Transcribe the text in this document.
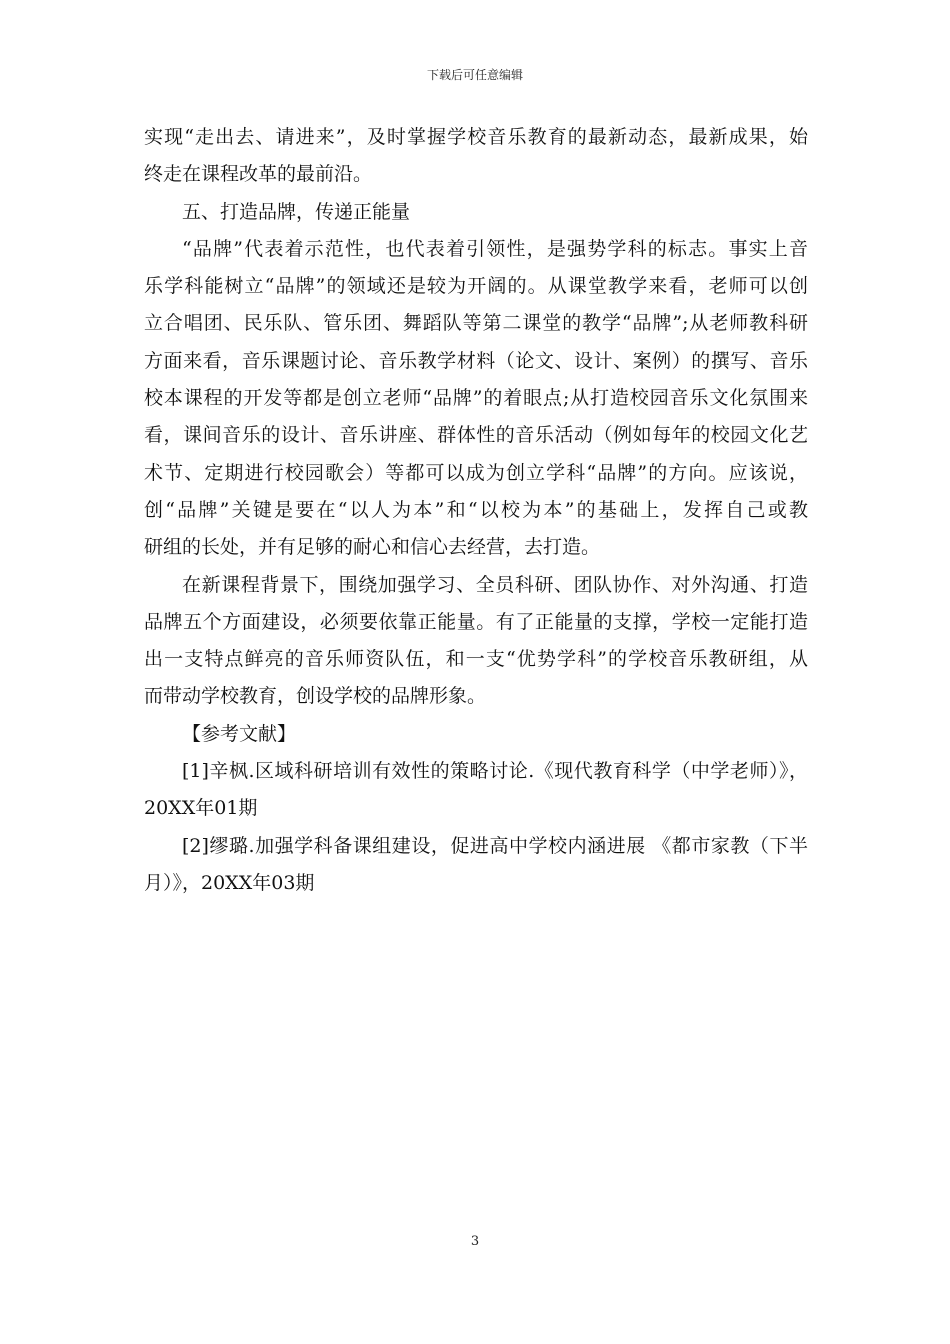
下载后可任意编辑
实现“走出去、请进来”，及时掌握学校音乐教育的最新动态，最新成果，始
终走在课程改革的最前沿。
五、打造品牌，传递正能量
“品牌”代表着示范性，也代表着引领性，是强势学科的标志。事实上音
乐学科能树立“品牌”的领域还是较为开阔的。从课堂教学来看，老师可以创
立合唱团、民乐队、管乐团、舞蹈队等第二课堂的教学“品牌”;从老师教科研
方面来看，音乐课题讨论、音乐教学材料（论文、设计、案例）的撰写、音乐
校本课程的开发等都是创立老师“品牌”的着眼点;从打造校园音乐文化氛围来
看，课间音乐的设计、音乐讲座、群体性的音乐活动（例如每年的校园文化艺
术节、定期进行校园歌会）等都可以成为创立学科“品牌”的方向。应该说，
创“品牌”关键是要在“以人为本”和“以校为本”的基础上，发挥自己或教
研组的长处，并有足够的耐心和信心去经营，去打造。
在新课程背景下，围绕加强学习、全员科研、团队协作、对外沟通、打造
品牌五个方面建设，必须要依靠正能量。有了正能量的支撑，学校一定能打造
出一支特点鲜亮的音乐师资队伍，和一支“优势学科”的学校音乐教研组，从
而带动学校教育，创设学校的品牌形象。
【参考文献】
[1]辛枫.区域科研培训有效性的策略讨论.《现代教育科学（中学老师）》，
20XX年01期
[2]缪璐.加强学科备课组建设，促进高中学校内涵进展 《都市家教（下半
月）》，20XX年03期
3
